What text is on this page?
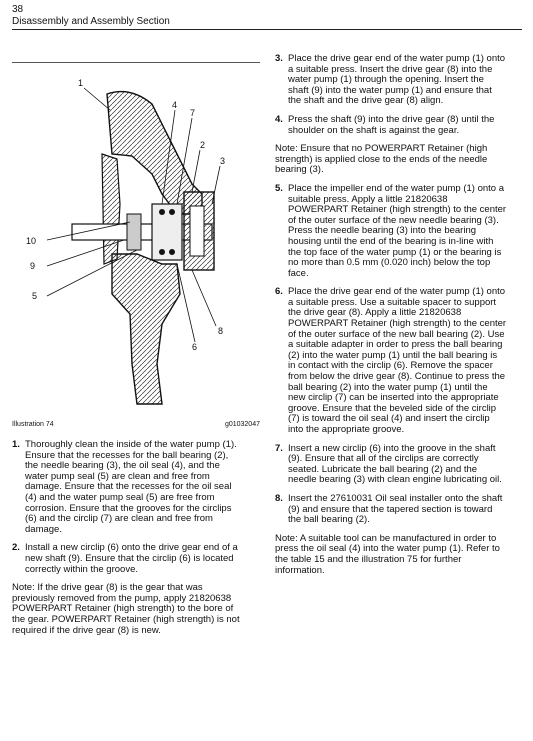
38
Disassembly and Assembly Section
1
4
7
2
3
10
9
5
8
6
Illustration 74	g01032047
1. Thoroughly clean the inside of the water pump (1). Ensure that the recesses for the ball bearing (2), the needle bearing (3), the oil seal (4), and the water pump seal (5) are clean and free from damage. Ensure that the recesses for the oil seal (4) and the water pump seal (5) are free from corrosion. Ensure that the grooves for the circlips (6) and the circlip (7) are clean and free from damage.
2. Install a new circlip (6) onto the drive gear end of a new shaft (9). Ensure that the circlip (6) is located correctly within the groove.
Note: If the drive gear (8) is the gear that was previously removed from the pump, apply 21820638 POWERPART Retainer (high strength) to the bore of the gear. POWERPART Retainer (high strength) is not required if the drive gear (8) is new.
3. Place the drive gear end of the water pump (1) onto a suitable press. Insert the drive gear (8) into the water pump (1) through the opening. Insert the shaft (9) into the water pump (1) and ensure that the shaft and the drive gear (8) align.
4. Press the shaft (9) into the drive gear (8) until the shoulder on the shaft is against the gear.
Note: Ensure that no POWERPART Retainer (high strength) is applied close to the ends of the needle bearing (3).
5. Place the impeller end of the water pump (1) onto a suitable press. Apply a little 21820638 POWERPART Retainer (high strength) to the center of the outer surface of the new needle bearing (3). Press the needle bearing (3) into the bearing housing until the end of the bearing is in-line with the top face of the water pump (1) or the bearing is no more than 0.5 mm (0.020 inch) below the top face.
6. Place the drive gear end of the water pump (1) onto a suitable press. Use a suitable spacer to support the drive gear (8). Apply a little 21820638 POWERPART Retainer (high strength) to the center of the outer surface of the new ball bearing (2). Use a suitable adapter in order to press the ball bearing (2) into the water pump (1) until the ball bearing is in contact with the circlip (6). Remove the spacer from below the drive gear (8). Continue to press the ball bearing (2) into the water pump (1) until the new circlip (7) can be inserted into the appropriate groove. Ensure that the beveled side of the circlip (7) is toward the oil seal (4) and insert the circlip into the appropriate groove.
7. Insert a new circlip (6) into the groove in the shaft (9). Ensure that all of the circlips are correctly seated. Lubricate the ball bearing (2) and the needle bearing (3) with clean engine lubricating oil.
8. Insert the 27610031 Oil seal installer onto the shaft (9) and ensure that the tapered section is toward the ball bearing (2).
Note: A suitable tool can be manufactured in order to press the oil seal (4) into the water pump (1). Refer to the table 15 and the illustration 75 for further information.
